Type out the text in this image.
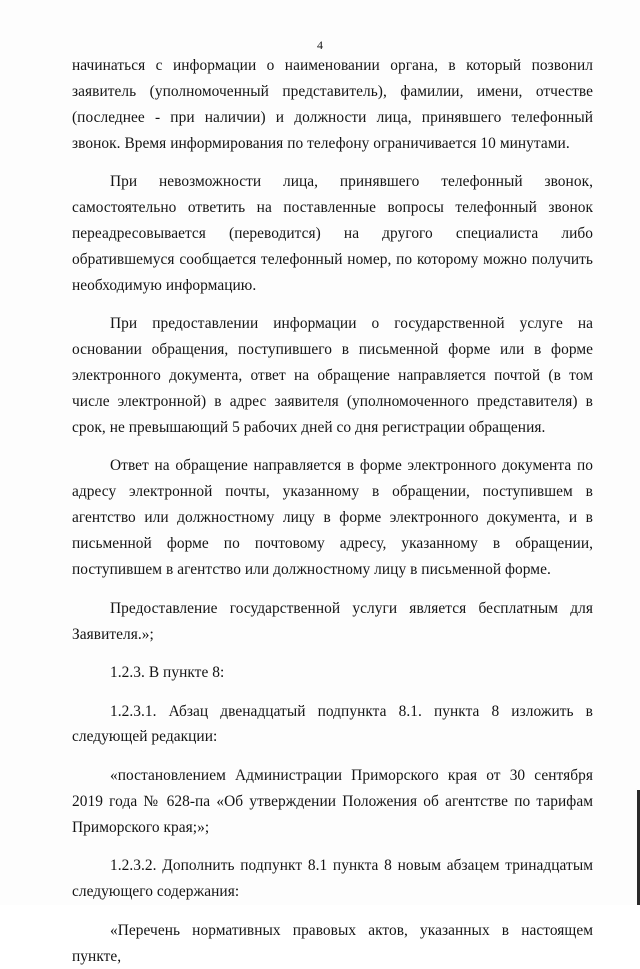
4

начинаться с информации о наименовании органа, в который позвонил заявитель (уполномоченный представитель), фамилии, имени, отчестве (последнее - при наличии) и должности лица, принявшего телефонный звонок. Время информирования по телефону ограничивается 10 минутами.

При невозможности лица, принявшего телефонный звонок, самостоятельно ответить на поставленные вопросы телефонный звонок переадресовывается (переводится) на другого специалиста либо обратившемуся сообщается телефонный номер, по которому можно получить необходимую информацию.

При предоставлении информации о государственной услуге на основании обращения, поступившего в письменной форме или в форме электронного документа, ответ на обращение направляется почтой (в том числе электронной) в адрес заявителя (уполномоченного представителя) в срок, не превышающий 5 рабочих дней со дня регистрации обращения.

Ответ на обращение направляется в форме электронного документа по адресу электронной почты, указанному в обращении, поступившем в агентство или должностному лицу в форме электронного документа, и в письменной форме по почтовому адресу, указанному в обращении, поступившем в агентство или должностному лицу в письменной форме.

Предоставление государственной услуги является бесплатным для Заявителя.»;

1.2.3. В пункте 8:

1.2.3.1. Абзац двенадцатый подпункта 8.1. пункта 8 изложить в следующей редакции:

«постановлением Администрации Приморского края от 30 сентября 2019 года № 628-па «Об утверждении Положения об агентстве по тарифам Приморского края;»;

1.2.3.2. Дополнить подпункт 8.1 пункта 8 новым абзацем тринадцатым следующего содержания:

«Перечень нормативных правовых актов, указанных в настоящем пункте,
